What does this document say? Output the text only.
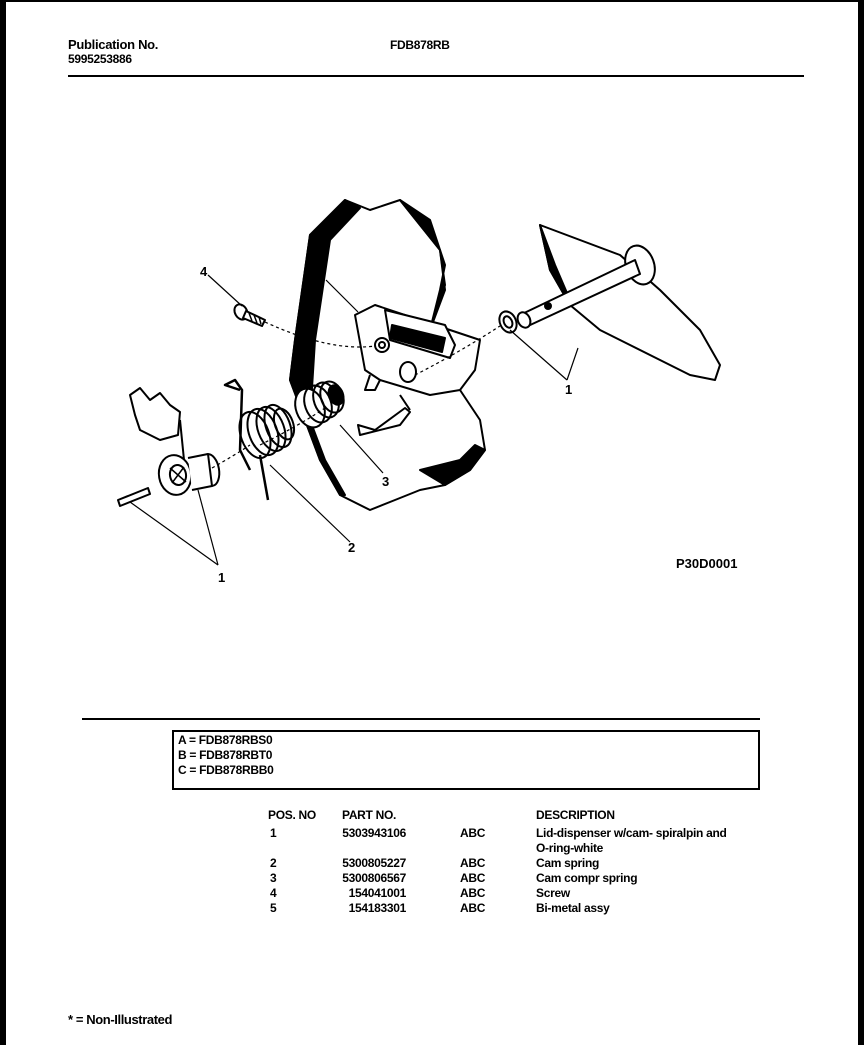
Publication No.
5995253886
FDB878RB
4	5
3
2
1
1
P30D0001
A = FDB878RBS0
B = FDB878RBT0
C = FDB878RBB0
POS. NO PART NO.	DESCRIPTION
1	5303943106	ABC	Lid-dispenser w/cam- spiralpin and O-ring-white
2	5300805227	ABC	Cam spring
3	5300806567	ABC	Cam compr spring
4	154041001	ABC	Screw
5	154183301	ABC	Bi-metal assy
* = Non-Illustrated
